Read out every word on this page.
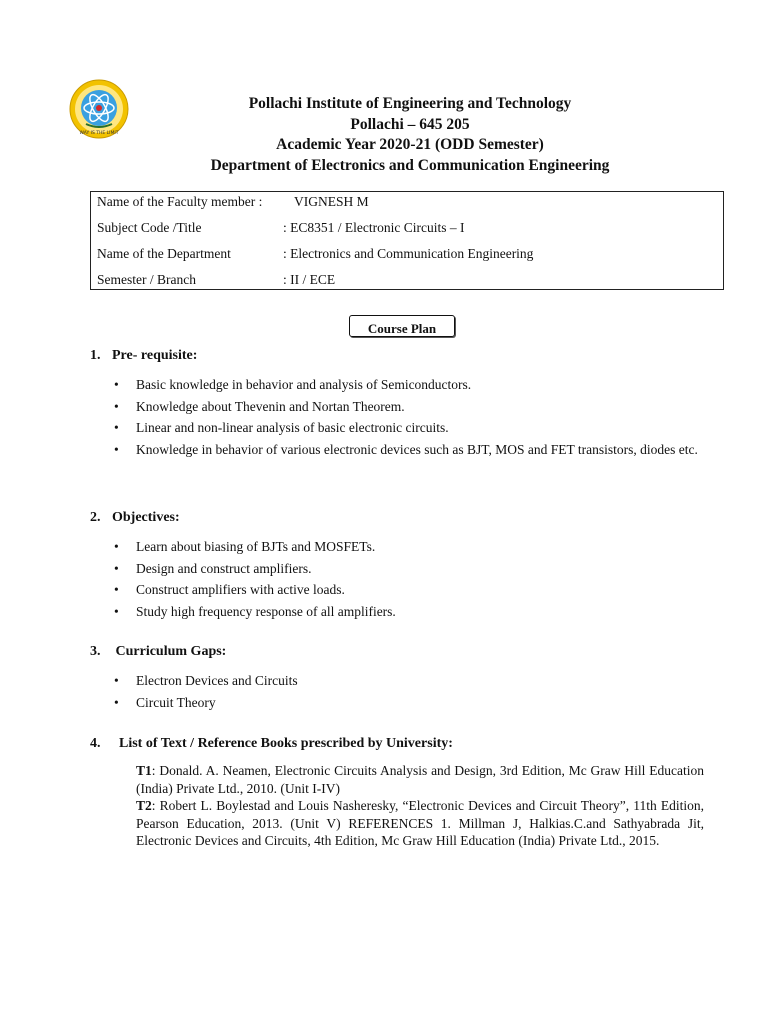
WAY IS THE LIMIT
Pollachi Institute of Engineering and Technology
Pollachi – 645 205
Academic Year 2020-21 (ODD Semester)
Department of Electronics and Communication Engineering
Name of the Faculty member : VIGNESH M
Subject Code /Title	: EC8351 / Electronic Circuits – I
Name of the Department	: Electronics and Communication Engineering
Semester / Branch	: II / ECE
Course Plan
1. Pre- requisite:
• Basic knowledge in behavior and analysis of Semiconductors.
• Knowledge about Thevenin and Nortan Theorem.
• Linear and non-linear analysis of basic electronic circuits.
• Knowledge in behavior of various electronic devices such as BJT, MOS and FET transistors, diodes etc.
2. Objectives:
• Learn about biasing of BJTs and MOSFETs.
• Design and construct amplifiers.
• Construct amplifiers with active loads.
• Study high frequency response of all amplifiers.
3. Curriculum Gaps:
• Electron Devices and Circuits
• Circuit Theory
4. List of Text / Reference Books prescribed by University:

T1: Donald. A. Neamen, Electronic Circuits Analysis and Design, 3rd Edition, Mc Graw Hill Education (India) Private Ltd., 2010. (Unit I-IV)

T2: Robert L. Boylestad and Louis Nasheresky, “Electronic Devices and Circuit Theory”, 11th Edition, Pearson Education, 2013. (Unit V) REFERENCES 1. Millman J, Halkias.C.and Sathyabrada Jit, Electronic Devices and Circuits, 4th Edition, Mc Graw Hill Education (India) Private Ltd., 2015.
